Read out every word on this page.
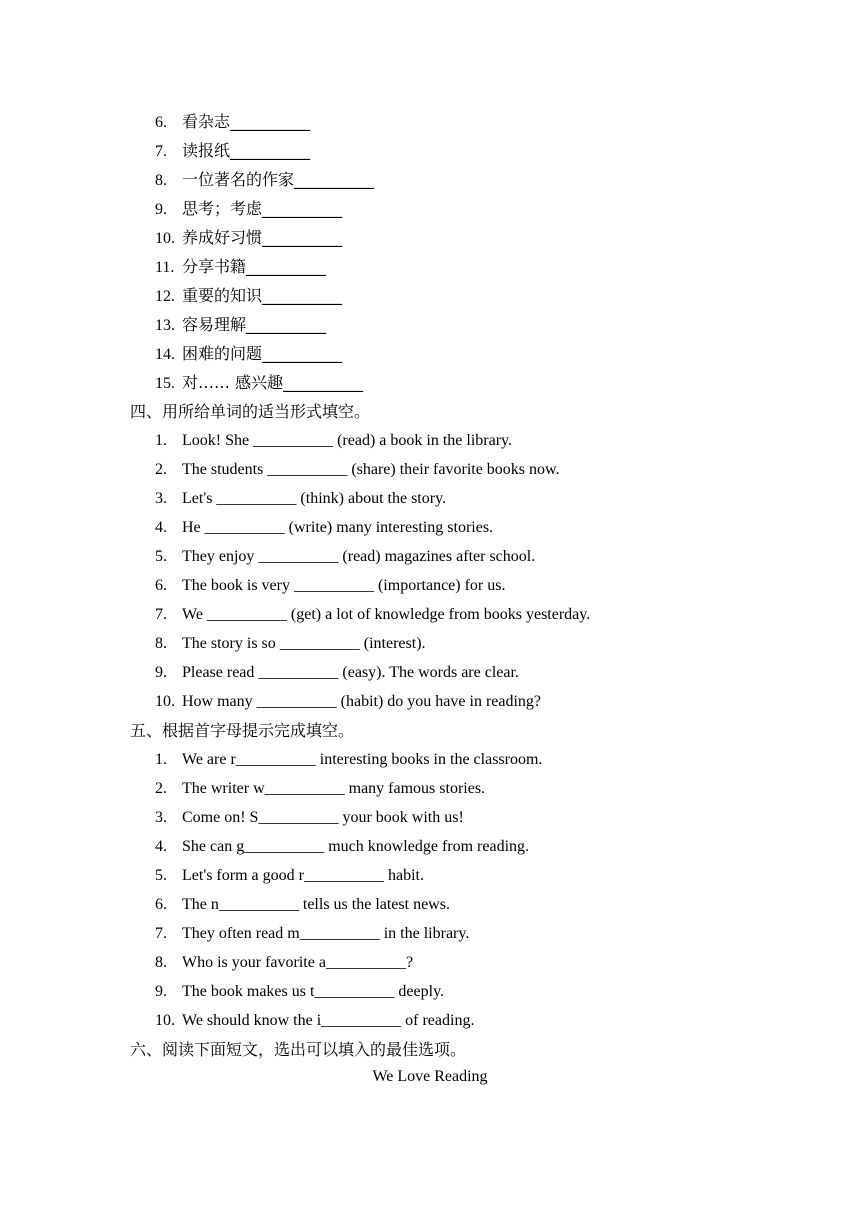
6. 看杂志__________
7. 读报纸__________
8. 一位著名的作家__________
9. 思考；考虑__________
10. 养成好习惯__________
11. 分享书籍__________
12. 重要的知识__________
13. 容易理解__________
14. 困难的问题__________
15. 对…… 感兴趣__________
四、用所给单词的适当形式填空。
1. Look! She __________ (read) a book in the library.
2. The students __________ (share) their favorite books now.
3. Let's __________ (think) about the story.
4. He __________ (write) many interesting stories.
5. They enjoy __________ (read) magazines after school.
6. The book is very __________ (importance) for us.
7. We __________ (get) a lot of knowledge from books yesterday.
8. The story is so __________ (interest).
9. Please read __________ (easy). The words are clear.
10. How many __________ (habit) do you have in reading?
五、根据首字母提示完成填空。
1. We are r__________ interesting books in the classroom.
2. The writer w__________ many famous stories.
3. Come on! S__________ your book with us!
4. She can g__________ much knowledge from reading.
5. Let's form a good r__________ habit.
6. The n__________ tells us the latest news.
7. They often read m__________ in the library.
8. Who is your favorite a__________?
9. The book makes us t__________ deeply.
10. We should know the i__________ of reading.
六、阅读下面短文，选出可以填入的最佳选项。
We Love Reading
